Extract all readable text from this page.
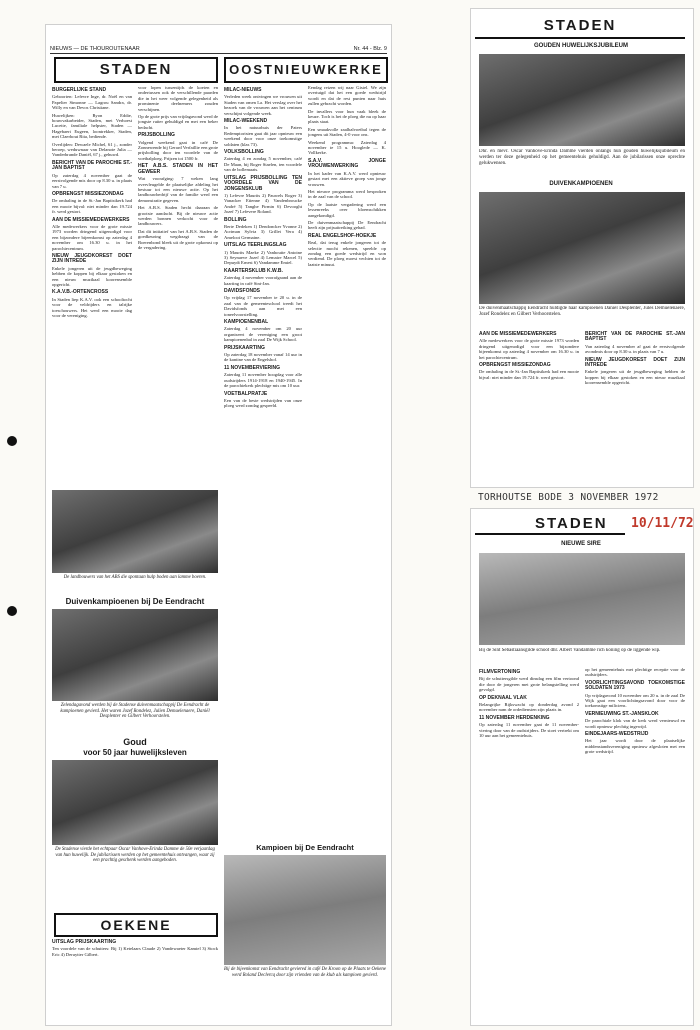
NIEUWS — DE THOUROUTENAAR	Nr. 44 - Blz. 9
STADEN	OOSTNIEUWKERKE
BURGERLIJKE STAND

Geboorten: Lefevre Inge, dr. Noël en van Papelier Simonne — Lagrou Sandra, dr. Willy en van Devos Christiane.

Huwelijken: Ryon Eddie, bouwvakarbeider, Staden, met Verhoest Lucette, familiale helpster, Staden — Hagebaert Eugeen, loontrekker, Staden, met Claerbout Rita, bediende.

Overlijden: Dewaele Michel, 61 j., zonder beroep, weduwnaar van Delanote Julia — Vanderbrande Daniël, 67 j., gehuwd.

BERICHT VAN DE PAROCHIE ST.-JAN BAPTIST

Op zaterdag 4 november gaat de eerstvolgende mis door op 8.30 u. in plaats van 7 u.

OPBRENGST MISSIEZONDAG

De omhaling in de St.-Jan Baptistkerk had een mooie bijval: niet minder dan 19.724 fr. werd gestort.

AAN DE MISSIEMEDEWERKERS

Alle medewerkers voor de grote missie 1973 worden dringend uitgenodigd voor een bijzondere bijeenkomst op zaterdag 4 november om 16.30 u. in het parochiecentrum.

NIEUW JEUGDKOREST DOET ZIJN INTREDE

Enkele jongeren uit de jeugdbeweging hebben de koppen bij elkaar gestoken en een nieuw muzikaal koorensemble opgericht.

K.A.V.B.-ORTENCROSS

In Staden liep K.A.V. ook een schooltocht voor de veldrijders en talrijke toeschouwers. Het werd een mooie dag voor de vereniging.

voor lopen tussentijds de koeien en ondertussen ook de verschillende paarden die in het weer volgende gelegenheid als prominente deelnemers zouden verschijnen.

Op de grote prijs van vrijdagavond werd de jongste ruiter gehuldigd en met een beker bedacht.

PRIJSBOLLING

Volgend weekend gaat in café De Zonnewende bij Gerard Verfaillie een grote prijsbolling door ten voordele van de voetbalploeg. Prijzen tot 1500 fr.

HET A.B.S. STADEN IN HET GEWEER

Wat voorafging: 7 weken lang overvleugelde de plaatselijke afdeling het bestuur tot een nieuwe actie. Op het landbouwbedrijf van de familie werd een demonstratie gegeven.

Het A.B.S. Staden hecht daaraan de grootste aandacht. Bij de nieuwe actie werden bonnen verkocht voor de landbouwers.

Dat dit initiatief van het A.B.S. Staden de goedkeuring wegdraagt van de Boerenbond bleek uit de grote opkomst op de vergadering.

MILAC-NIEUWS

Verleden week ontvingen we vrouwen uit Staden van omen La. Het verslag over het bezoek van de vrouwen aan het centrum verschijnt volgende week.

MILAC-WEEKEND

In het natuurhuis der Paters Redemptoristen gaat dit jaar opnieuw een weekend door voor onze toekomstige soldaten (klas 73).

VOLKSBOLLING

Zaterdag 4 en zondag 5 november, café De Maan, bij Roger Staelen, ten voordele van de bollemaats.

UITSLAG PRIJSBOLLING TEN VOORDELE VAN DE JONGENSKLUB

1) Lefevre Maurits 2) Pauwels Roger 3) Vanacker Etienne 4) Vandenbroucke André 5) Tanghe Firmin 6) Devooght Jozef 7) Lefevere Roland.

BOLLING

Berte Dedeken 1) Dendoncker Yvonne 2) Acriman Sylvia 3) Grillet Vera 4) Ameloot Germaine.

UITSLAG TEERLINGSLAG

1) Maurits Maeke 2) Vanhoutte Antoine 3) Seynaeve Jozef 4) Lemaire Marcel 5) Depuydt Ernest 6) Vandamme Emiel.

KAARTERSKLUB K.W.B.

Zaterdag 4 november voorafgaand aan de kaarting in café Sint-Jan.

DAVIDSFONDS

Op vrijdag 17 november te 20 u. in de zaal van de gemeenteschool treedt het Davidsfonds aan met een toneelvoorstelling.

KAMPIOENENBAL

Zaterdag 4 november om 20 uur organiseert de vereniging een groot kampioenenbal in zaal De Wijk School.

PRIJSKAARTING

Op zaterdag 18 november vanaf 14 uur in de kantine van de Engelshof.

11 NOVEMBERVIERING

Zaterdag 11 november hoogdag voor alle oudstrijders 1914-1918 en 1940-1945. In de parochiekerk plechtige mis om 10 uur.

VOETBALPRATJE

Een van de beste wedstrijden van onze ploeg werd zondag gespeeld.

Eendag reizen wij naar Gistel. We zijn overtuigd dat het een goede wedstrijd wordt en dat de rest punten naar huis zullen gebracht worden.

De invallers voor hun vaak bleek de keuze. Toch is het de ploeg die nu op haar plaats staat.

Een smaakvolle zaalbalvoetbal tegen de jongens uit Staden, 4-0 voor ons.

Weekend programma: Zaterdag 4 november te 15 u. Hooglede — K. Vollkerke.

S.A.V. JONGE VROUWENWERKING

In het kader van K.A.V. werd opnieuw gestart met een aktieve groep van jonge vrouwen.

Het nieuwe programma werd besproken in de zaal van de school.

Op de laatste vergadering werd een lessenreeks over bloemschikken aangekondigd.

De duivenmaatschappij De Eendracht heeft zijn prijsuitreiking gehad.

REAL ENGELSHOF-HOEKJE

Real, dat terug enkele jongeren tot de selectie mocht rekenen, speelde op zondag een goede wedstrijd en won verdiend. De ploeg moest vechten tot de laatste minuut.

De landbouwers van het ABS die spontaan hulp boden aan lamme boeren.
Duivenkampioenen bij De Eendracht
Zelendagavond werden bij de Stadense duivenmaatschappij De Eendracht de kampioenen gevierd. Het waren Jozef Rondelez, Julien Demuelenaere, Daniël Desplenter en Gilbert Verhoorstelen.
Goud
voor 50 jaar huwelijksleven
De Stadense vierde het echtpaar Oscar Vanhove-Erinda Damme de 50e verjaardag van hun huwelijk. De jubilarissen werden op het gemeentehuis ontvangen, waar zij een prachtig geschenk werden aangeboden.
Kampioen bij De Eendracht
Bij de bijeenkomst van Eendracht geviered in café De Kroon op de Plaats te Oekene werd Roland Declercq door zijn vrienden van de klub als kampioen gevierd.
OEKENE
UITSLAG PRIJSKAARTING

Ten voordele van de schutters: Bij 1) Ketelaars Claude 2) Vandewaeter Kamiel 3) Stock Eric 4) Deruytter Gilbert.

STADEN
GOUDEN HUWELIJKSJUBILEUM

Dhr. en mevr. Oscar Vanhove-Erinda Damme vierden onlangs hun gouden huwelijksjubileum en werden ter deze gelegenheid op het gemeentehuis gehuldigd. Aan de jubilarissen onze oprechte gelukwensen.

DUIVENKAMPIOENEN

De duivenmaatschappij Eendracht huldigde haar kampioenen Daniël Desplenter, Jules Demuelenaere, Jozef Rondelez en Gilbert Verhoorstelen.

AAN DE MISSIEMEDEWERKERS

Alle medewerkers voor de grote missie 1973 worden dringend uitgenodigd voor een bijzondere bijeenkomst op zaterdag 4 november om 16.30 u. in het parochiecentrum.

OPBRENGST MISSIEZONDAG

De omhaling in de St.-Jan Baptistkerk had een mooie bijval: niet minder dan 19.724 fr. werd gestort.

BERICHT VAN DE PAROCHIE ST.-JAN BAPTIST

Van zaterdag 4 november af gaat de eerstvolgende avondmis door op 8.30 u. in plaats van 7 u.

NIEUW JEUGDKOREST DOET ZIJN INTREDE

Enkele jongeren uit de jeugdbeweging hebben de koppen bij elkaar gestoken en een nieuw muzikaal koorensemble opgericht.

TORHOUTSE BODE 3 NOVEMBER 1972
STADEN	10/11/72
NIEUWE SIRE

Bij de Sint Sebastiaansgilde schoot dhr. Albert Vandamme rich koning op de liggende wip.

FILMVERTONING

Bij de schuttersgilde werd dinsdag een film vertoond die door de jongeren met grote belangstelling werd gevolgd.

OP DEKNAAL VLAK

Belangrijke Rijkswacht op donderdag avond 2 november nam de ordediensten zijn plaats in.

11 NOVEMBER HERDENKING

Op zaterdag 11 november gaat de 11 november-viering door van de oudstrijders. De stoet vertrekt om 10 uur aan het gemeentehuis.

op het gemeentehuis met plechtige receptie voor de oudstrijders.

VOORLICHTINGSAVOND TOEKOMSTIGE SOLDATEN 1973

Op vrijdagavond 10 november om 20 u. in de zaal De Wijk gaat een voorlichtingsavond door voor de toekomstige miliciens.

VERNIEUWING ST.-JANSKLOK

De parochiale klok van de kerk werd vernieuwd en wordt opnieuw plechtig ingewijd.

EINDEJAARS-WEDSTRIJD

Het jaar wordt door de plaatselijke middenstandsvereniging opnieuw afgesloten met een grote wedstrijd.
